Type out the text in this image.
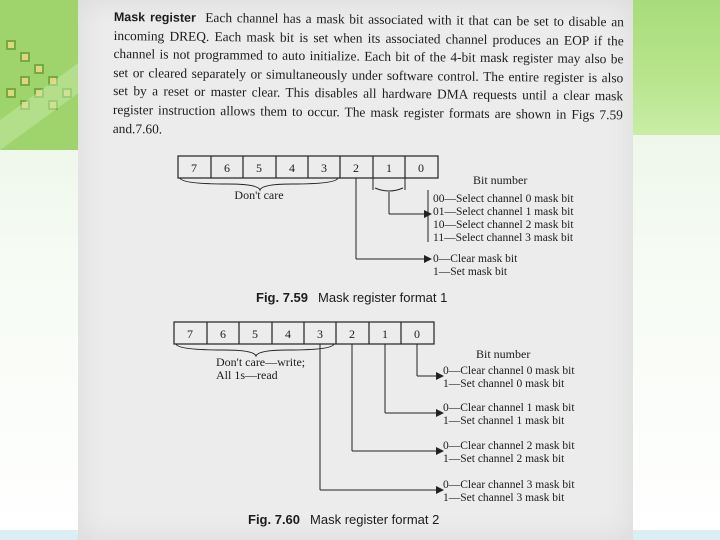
Mask register Each channel has a mask bit associated with it that can be set to disable an incoming DREQ. Each mask bit is set when its associated channel produces an EOP if the channel is not programmed to auto initialize. Each bit of the 4-bit mask register may also be set or cleared separately or simultaneously under software control. The entire register is also set by a reset or master clear. This disables all hardware DMA requests until a clear mask register instruction allows them to occur. The mask register formats are shown in Figs 7.59 and.7.60.
7 6 5 4 3 2 1 0
Don't care
Bit number
00—Select channel 0 mask bit
01—Select channel 1 mask bit
10—Select channel 2 mask bit
11—Select channel 3 mask bit
0—Clear mask bit
1—Set mask bit
Fig. 7.59 Mask register format 1
7 6 5 4 3 2 1 0
Don't care—write;
All 1s—read
Bit number
0—Clear channel 0 mask bit
1—Set channel 0 mask bit
0—Clear channel 1 mask bit
1—Set channel 1 mask bit
0—Clear channel 2 mask bit
1—Set channel 2 mask bit
0—Clear channel 3 mask bit
1—Set channel 3 mask bit
Fig. 7.60 Mask register format 2
